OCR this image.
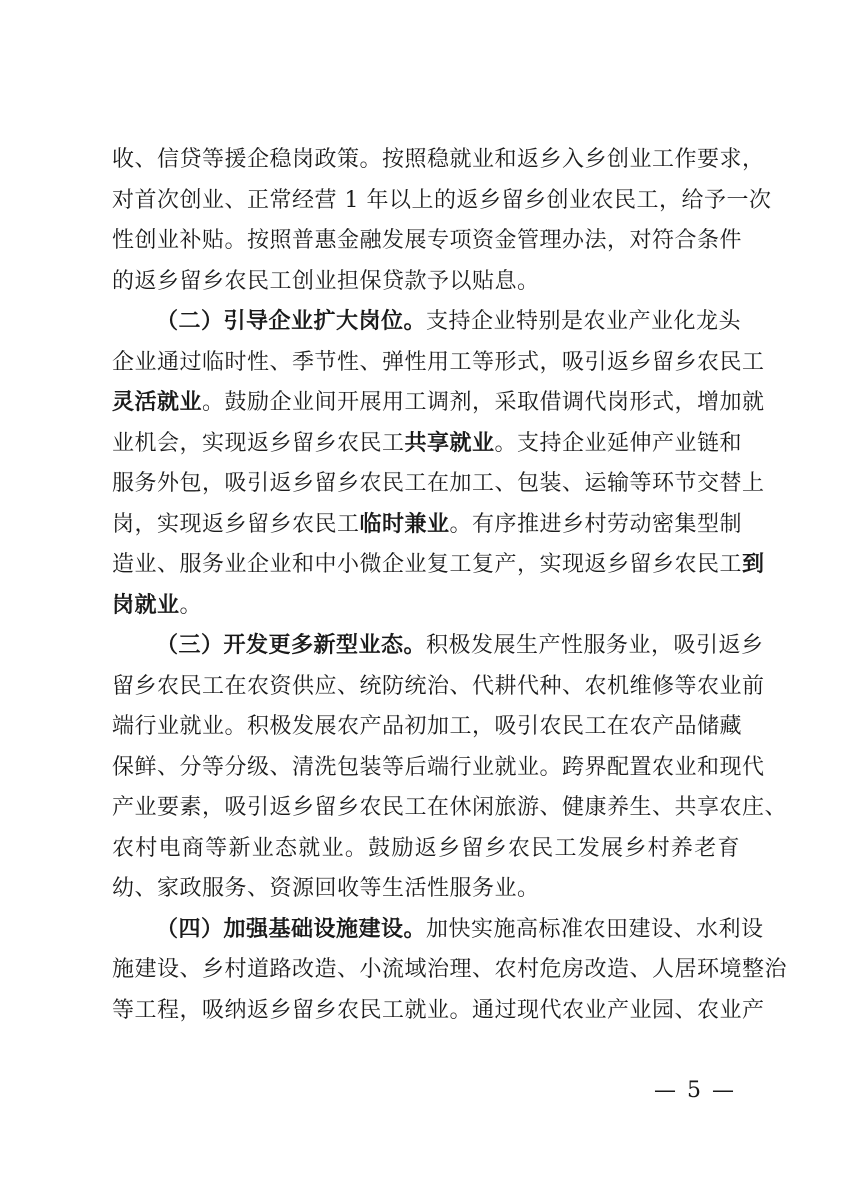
收、信贷等援企稳岗政策。按照稳就业和返乡入乡创业工作要求，
对首次创业、正常经营 1 年以上的返乡留乡创业农民工，给予一次
性创业补贴。按照普惠金融发展专项资金管理办法，对符合条件
的返乡留乡农民工创业担保贷款予以贴息。
（二）引导企业扩大岗位。支持企业特别是农业产业化龙头
企业通过临时性、季节性、弹性用工等形式，吸引返乡留乡农民工
灵活就业。鼓励企业间开展用工调剂，采取借调代岗形式，增加就
业机会，实现返乡留乡农民工共享就业。支持企业延伸产业链和
服务外包，吸引返乡留乡农民工在加工、包装、运输等环节交替上
岗，实现返乡留乡农民工临时兼业。有序推进乡村劳动密集型制
造业、服务业企业和中小微企业复工复产，实现返乡留乡农民工到
岗就业。
（三）开发更多新型业态。积极发展生产性服务业，吸引返乡
留乡农民工在农资供应、统防统治、代耕代种、农机维修等农业前
端行业就业。积极发展农产品初加工，吸引农民工在农产品储藏
保鲜、分等分级、清洗包装等后端行业就业。跨界配置农业和现代
产业要素，吸引返乡留乡农民工在休闲旅游、健康养生、共享农庄、
农村电商等新业态就业。鼓励返乡留乡农民工发展乡村养老育
幼、家政服务、资源回收等生活性服务业。
（四）加强基础设施建设。加快实施高标准农田建设、水利设
施建设、乡村道路改造、小流域治理、农村危房改造、人居环境整治
等工程，吸纳返乡留乡农民工就业。通过现代农业产业园、农业产
— 5 —
